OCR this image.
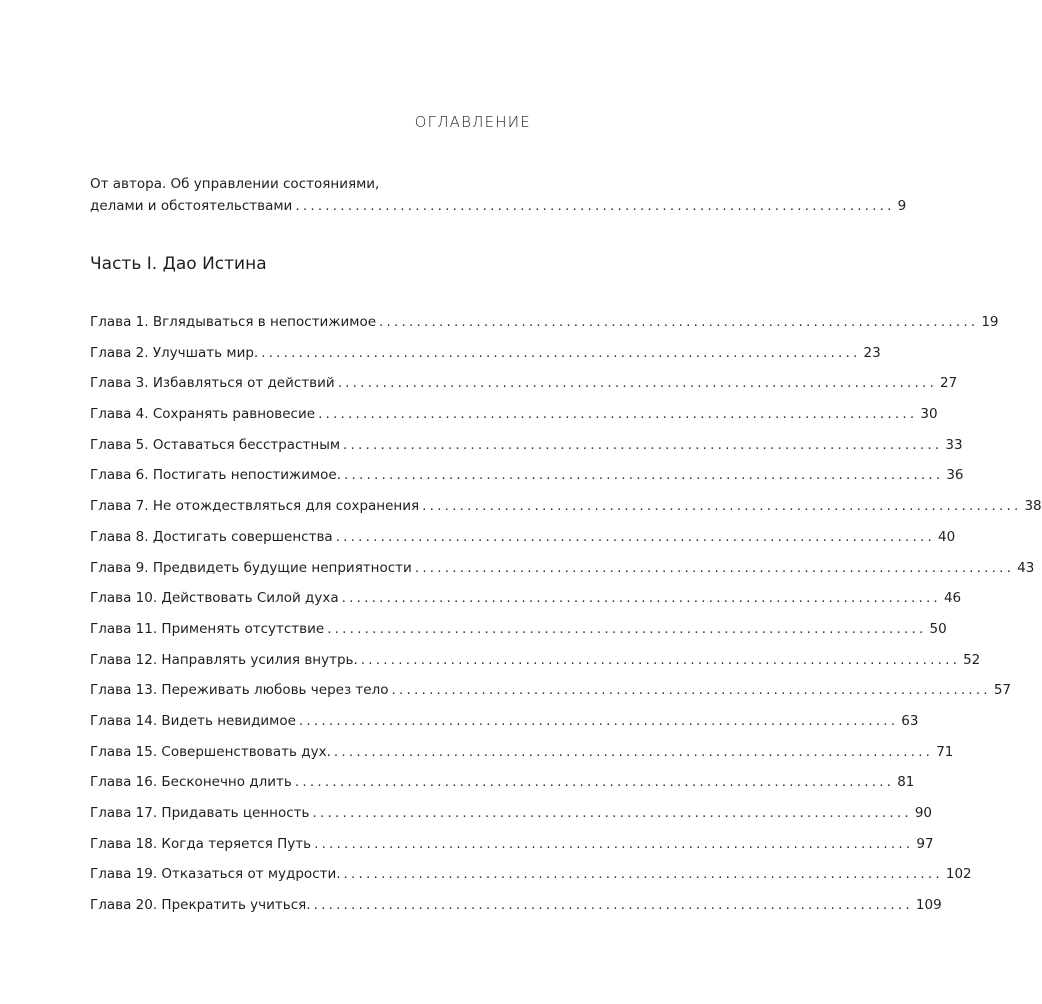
ОГЛАВЛЕНИЕ
От автора. Об управлении состояниями,
делами и обстоятельствами ................................................................................ 9
Часть I. Дао Истина
Глава 1. Вглядываться в непостижимое ................................................................................ 19
Глава 2. Улучшать мир. ................................................................................ 23
Глава 3. Избавляться от действий ................................................................................ 27
Глава 4. Сохранять равновесие ................................................................................ 30
Глава 5. Оставаться бесстрастным ................................................................................ 33
Глава 6. Постигать непостижимое. ................................................................................ 36
Глава 7. Не отождествляться для сохранения ................................................................................ 38
Глава 8. Достигать совершенства ................................................................................ 40
Глава 9. Предвидеть будущие неприятности ................................................................................ 43
Глава 10. Действовать Силой духа ................................................................................ 46
Глава 11. Применять отсутствие ................................................................................ 50
Глава 12. Направлять усилия внутрь. ................................................................................ 52
Глава 13. Переживать любовь через тело ................................................................................ 57
Глава 14. Видеть невидимое ................................................................................ 63
Глава 15. Совершенствовать дух. ................................................................................ 71
Глава 16. Бесконечно длить ................................................................................ 81
Глава 17. Придавать ценность ................................................................................ 90
Глава 18. Когда теряется Путь ................................................................................ 97
Глава 19. Отказаться от мудрости. ................................................................................ 102
Глава 20. Прекратить учиться. ................................................................................ 109
